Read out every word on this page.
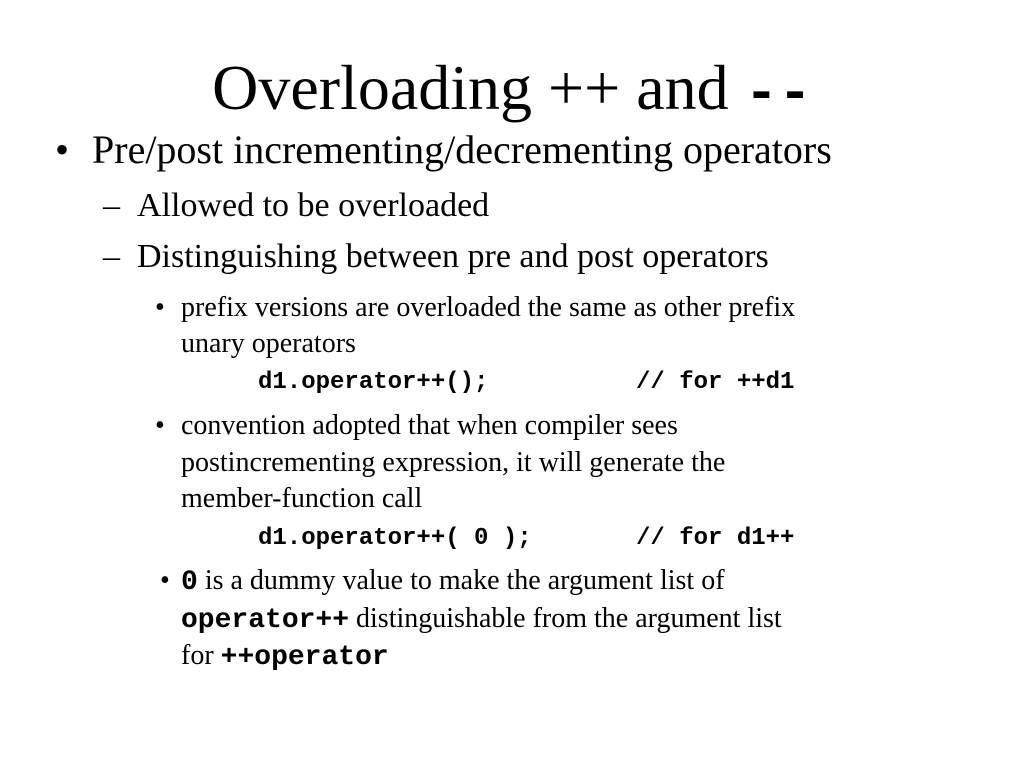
Overloading ++ and --
• Pre/post incrementing/decrementing operators
– Allowed to be overloaded
– Distinguishing between pre and post operators
• prefix versions are overloaded the same as other prefix
unary operators
d1.operator++();	// for ++d1
• convention adopted that when compiler sees
postincrementing expression, it will generate the
member-function call
d1.operator++( 0 );	// for d1++
• 0 is a dummy value to make the argument list of
operator++ distinguishable from the argument list
for ++operator
